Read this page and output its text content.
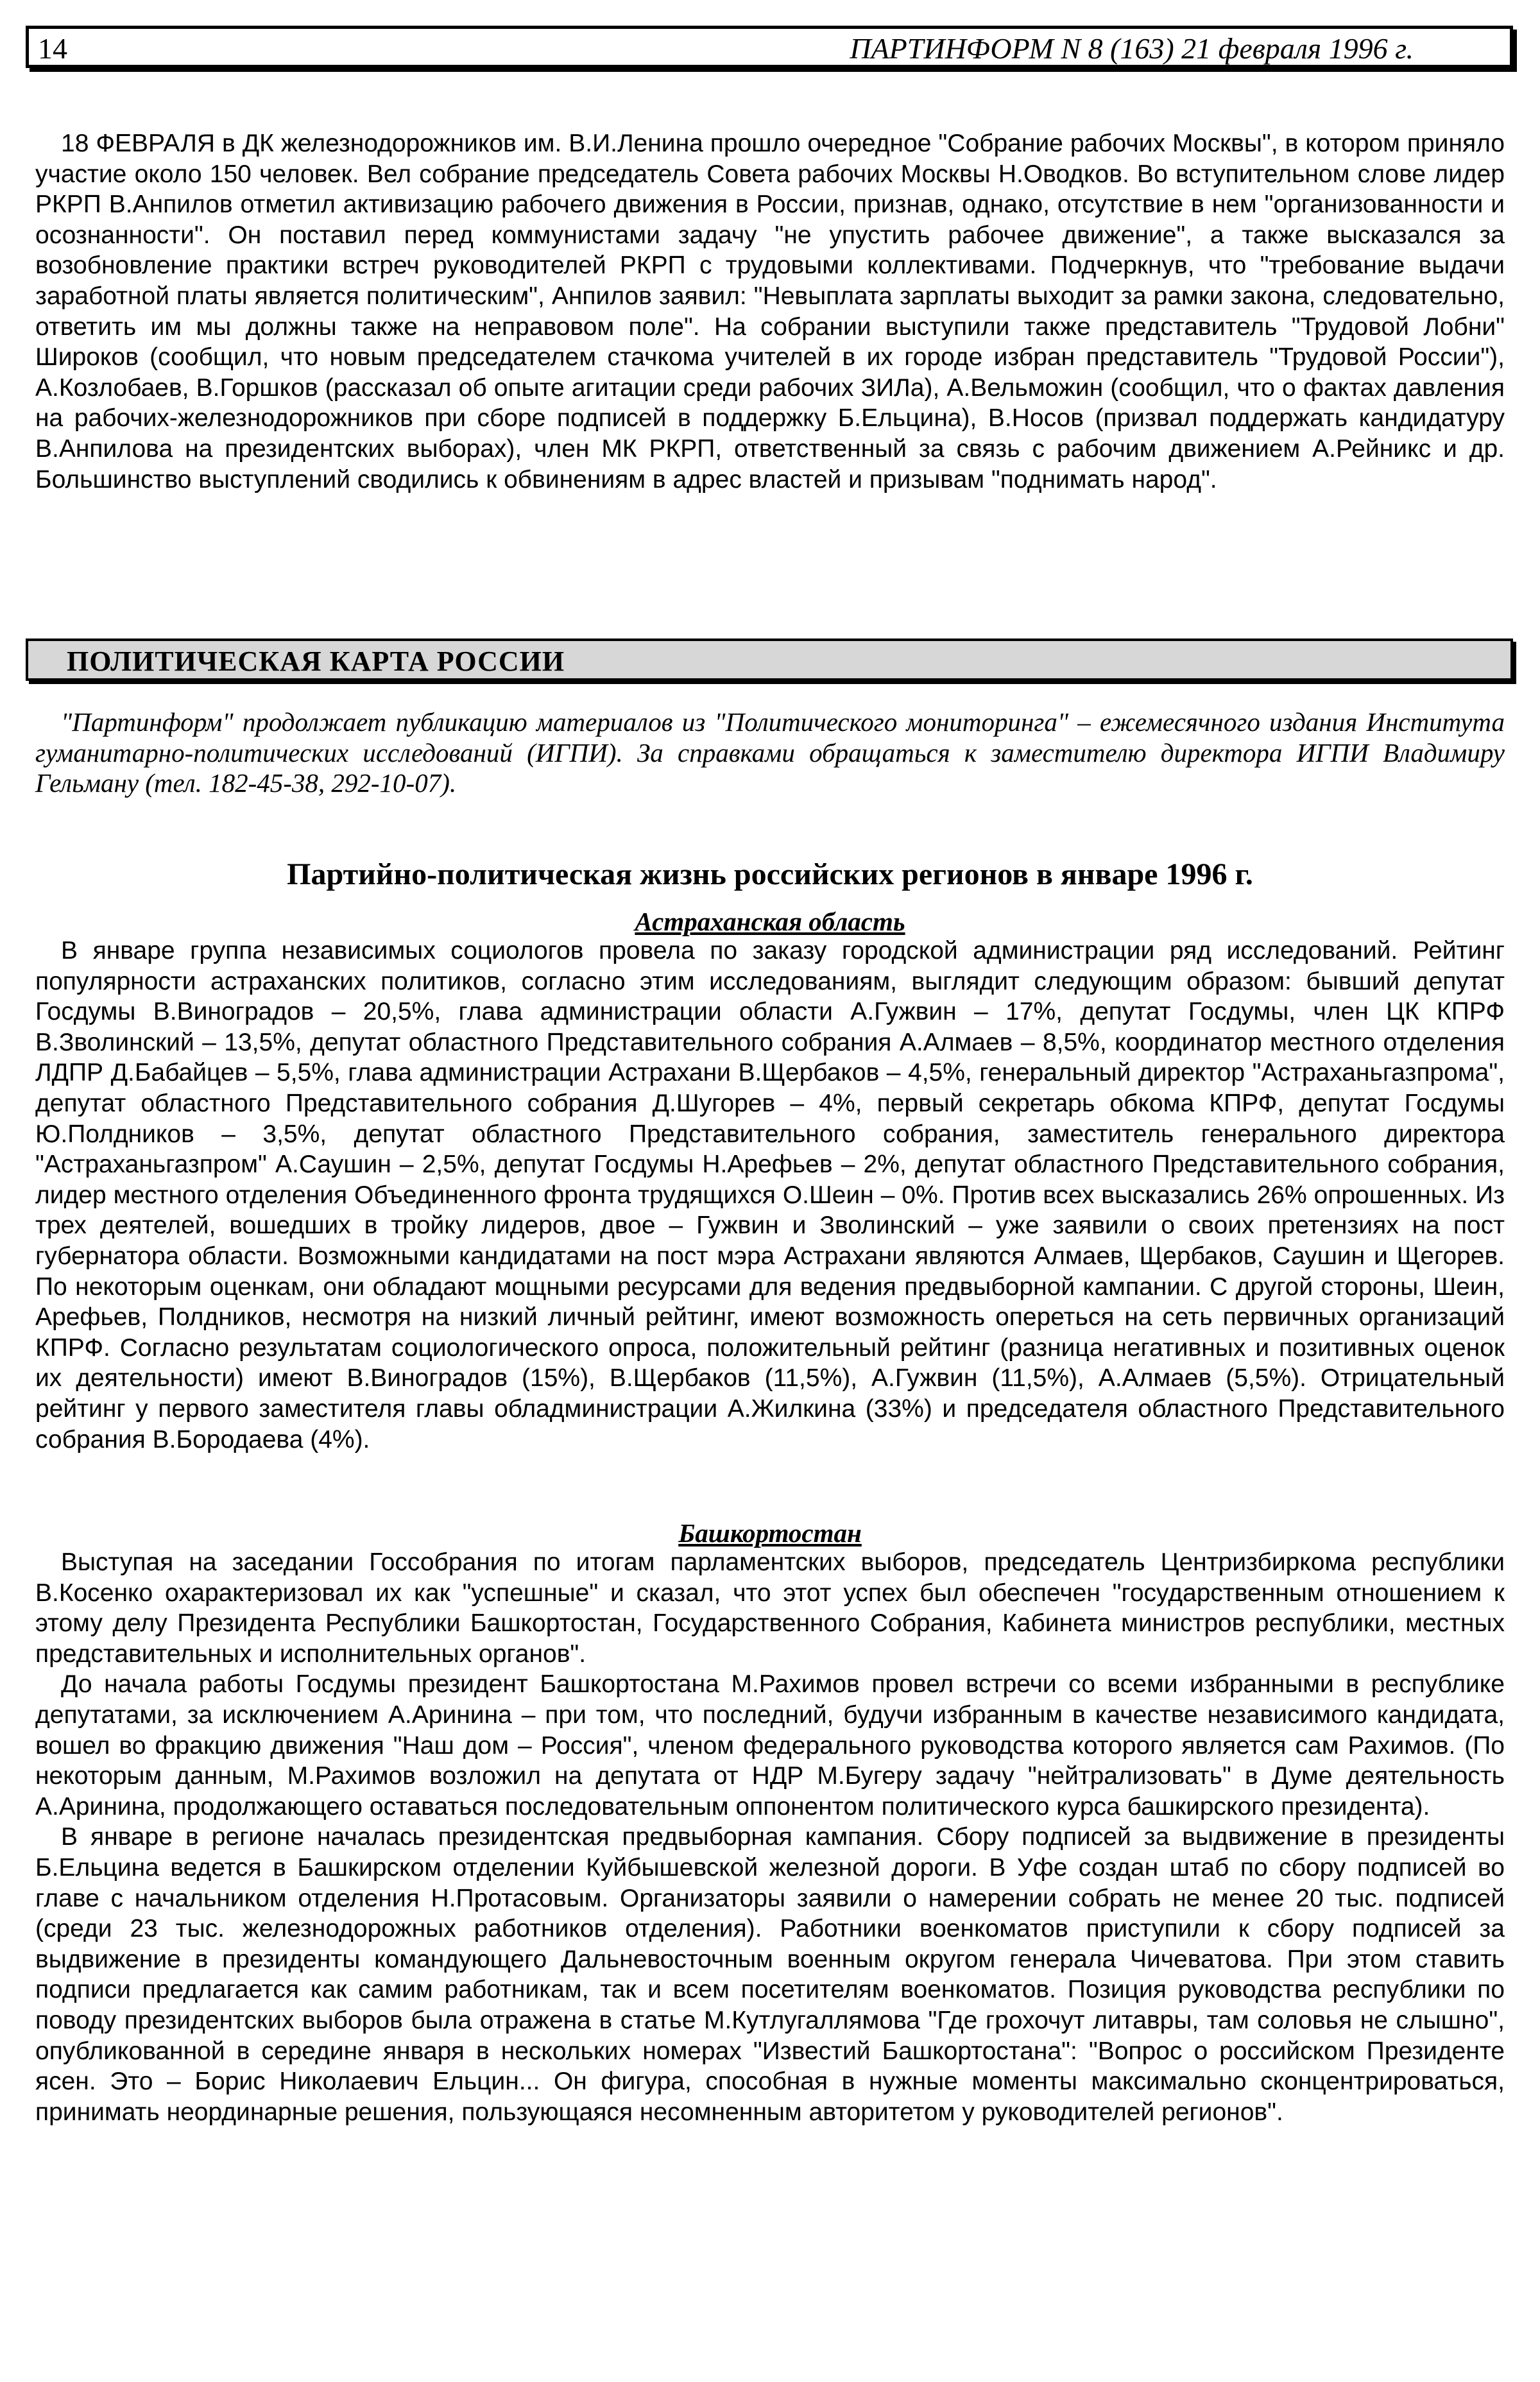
14	ПАРТИНФОРМ N 8 (163) 21 февраля 1996 г.

18 ФЕВРАЛЯ в ДК железнодорожников им. В.И.Ленина прошло очередное "Собрание рабочих Москвы", в котором приняло участие около 150 человек. Вел собрание председатель Совета рабочих Москвы Н.Оводков. Во вступительном слове лидер РКРП В.Анпилов отметил активизацию рабочего движения в России, признав, однако, отсутствие в нем "организованности и осознанности". Он поставил перед коммунистами задачу "не упустить рабочее движение", а также высказался за возобновление практики встреч руководителей РКРП с трудовыми коллективами. Подчеркнув, что "требование выдачи заработной платы является политическим", Анпилов заявил: "Невыплата зарплаты выходит за рамки закона, следовательно, ответить им мы должны также на неправовом поле". На собрании выступили также представитель "Трудовой Лобни" Широков (сообщил, что новым председателем стачкома учителей в их городе избран представитель "Трудовой России"), А.Козлобаев, В.Горшков (рассказал об опыте агитации среди рабочих ЗИЛа), А.Вельможин (сообщил, что о фактах давления на рабочих-железнодорожников при сборе подписей в поддержку Б.Ельцина), В.Носов (призвал поддержать кандидатуру В.Анпилова на президентских выборах), член МК РКРП, ответственный за связь с рабочим движением А.Рейникс и др. Большинство выступлений сводились к обвинениям в адрес властей и призывам "поднимать народ".

ПОЛИТИЧЕСКАЯ КАРТА РОССИИ

"Партинформ" продолжает публикацию материалов из "Политического мониторинга" – ежемесячного издания Института гуманитарно-политических исследований (ИГПИ). За справками обращаться к заместителю директора ИГПИ Владимиру Гельману (тел. 182-45-38, 292-10-07).

Партийно-политическая жизнь российских регионов в январе 1996 г.
Астраханская область

В январе группа независимых социологов провела по заказу городской администрации ряд исследований. Рейтинг популярности астраханских политиков, согласно этим исследованиям, выглядит следующим образом: бывший депутат Госдумы В.Виноградов – 20,5%, глава администрации области А.Гужвин – 17%, депутат Госдумы, член ЦК КПРФ В.Зволинский – 13,5%, депутат областного Представительного собрания А.Алмаев – 8,5%, координатор местного отделения ЛДПР Д.Бабайцев – 5,5%, глава администрации Астрахани В.Щербаков – 4,5%, генеральный директор "Астраханьгазпрома", депутат областного Представительного собрания Д.Шугорев – 4%, первый секретарь обкома КПРФ, депутат Госдумы Ю.Полдников – 3,5%, депутат областного Представительного собрания, заместитель генерального директора "Астраханьгазпром" А.Саушин – 2,5%, депутат Госдумы Н.Арефьев – 2%, депутат областного Представительного собрания, лидер местного отделения Объединенного фронта трудящихся О.Шеин – 0%. Против всех высказались 26% опрошенных. Из трех деятелей, вошедших в тройку лидеров, двое – Гужвин и Зволинский – уже заявили о своих претензиях на пост губернатора области. Возможными кандидатами на пост мэра Астрахани являются Алмаев, Щербаков, Саушин и Щегорев. По некоторым оценкам, они обладают мощными ресурсами для ведения предвыборной кампании. С другой стороны, Шеин, Арефьев, Полдников, несмотря на низкий личный рейтинг, имеют возможность опереться на сеть первичных организаций КПРФ. Согласно результатам социологического опроса, положительный рейтинг (разница негативных и позитивных оценок их деятельности) имеют В.Виноградов (15%), В.Щербаков (11,5%), А.Гужвин (11,5%), А.Алмаев (5,5%). Отрицательный рейтинг у первого заместителя главы обладминистрации А.Жилкина (33%) и председателя областного Представительного собрания В.Бородаева (4%).

Башкортостан

Выступая на заседании Госсобрания по итогам парламентских выборов, председатель Центризбиркома республики В.Косенко охарактеризовал их как "успешные" и сказал, что этот успех был обеспечен "государственным отношением к этому делу Президента Республики Башкортостан, Государственного Собрания, Кабинета министров республики, местных представительных и исполнительных органов".

До начала работы Госдумы президент Башкортостана М.Рахимов провел встречи со всеми избранными в республике депутатами, за исключением А.Аринина – при том, что последний, будучи избранным в качестве независимого кандидата, вошел во фракцию движения "Наш дом – Россия", членом федерального руководства которого является сам Рахимов. (По некоторым данным, М.Рахимов возложил на депутата от НДР М.Бугеру задачу "нейтрализовать" в Думе деятельность А.Аринина, продолжающего оставаться последовательным оппонентом политического курса башкирского президента).

В январе в регионе началась президентская предвыборная кампания. Сбору подписей за выдвижение в президенты Б.Ельцина ведется в Башкирском отделении Куйбышевской железной дороги. В Уфе создан штаб по сбору подписей во главе с начальником отделения Н.Протасовым. Организаторы заявили о намерении собрать не менее 20 тыс. подписей (среди 23 тыс. железнодорожных работников отделения). Работники военкоматов приступили к сбору подписей за выдвижение в президенты командующего Дальневосточным военным округом генерала Чичеватова. При этом ставить подписи предлагается как самим работникам, так и всем посетителям военкоматов. Позиция руководства республики по поводу президентских выборов была отражена в статье М.Кутлугаллямова "Где грохочут литавры, там соловья не слышно", опубликованной в середине января в нескольких номерах "Известий Башкортостана": "Вопрос о российском Президенте ясен. Это – Борис Николаевич Ельцин... Он фигура, способная в нужные моменты максимально сконцентрироваться, принимать неординарные решения, пользующаяся несомненным авторитетом у руководителей регионов".
